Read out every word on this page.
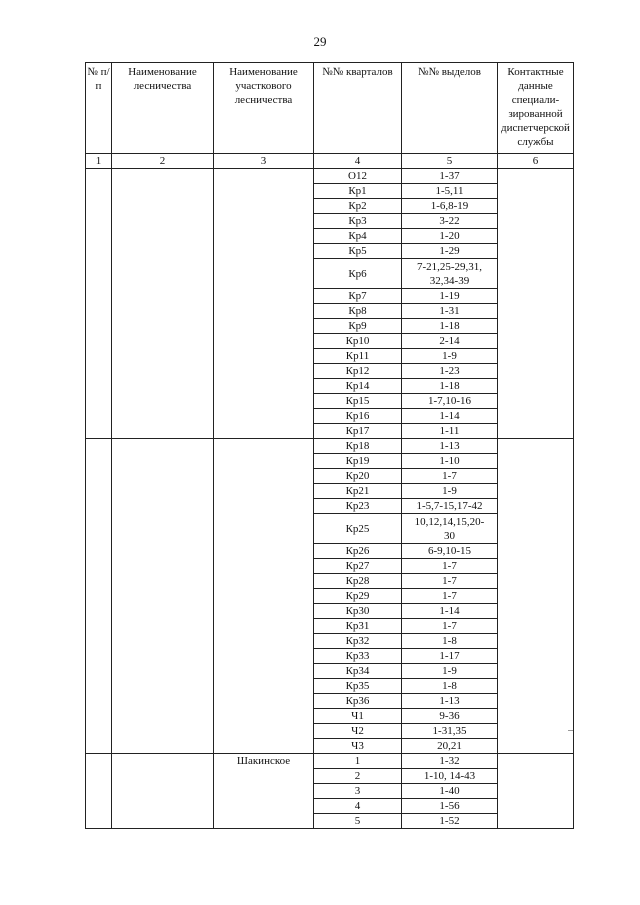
29
№ п/п	Наименование лесничества	Наименование участкового лесничества	№№ кварталов	№№ выделов	Контактные данные специали-зированной диспетчерской службы
1	2	3	4	5	6
			О12	1-37	
			Кр1	1-5,11	
			Кр2	1-6,8-19	
			Кр3	3-22	
			Кр4	1-20	
			Кр5	1-29	
			Кр6	7-21,25-29,31,
32,34-39	
			Кр7	1-19	
			Кр8	1-31	
			Кр9	1-18	
			Кр10	2-14	
			Кр11	1-9	
			Кр12	1-23	
			Кр14	1-18	
			Кр15	1-7,10-16	
			Кр16	1-14	
			Кр17	1-11	
			Кр18	1-13	
			Кр19	1-10	
			Кр20	1-7	
			Кр21	1-9	
			Кр23	1-5,7-15,17-42	
			Кр25	10,12,14,15,20-
30	
			Кр26	6-9,10-15	
			Кр27	1-7	
			Кр28	1-7	
			Кр29	1-7	
			Кр30	1-14	
			Кр31	1-7	
			Кр32	1-8	
			Кр33	1-17	
			Кр34	1-9	
			Кр35	1-8	
			Кр36	1-13	
			Ч1	9-36	
			Ч2	1-31,35	
			Ч3	20,21	
		Шакинское	1	1-32	
			2	1-10, 14-43	
			3	1-40	
			4	1-56	
			5	1-52	
